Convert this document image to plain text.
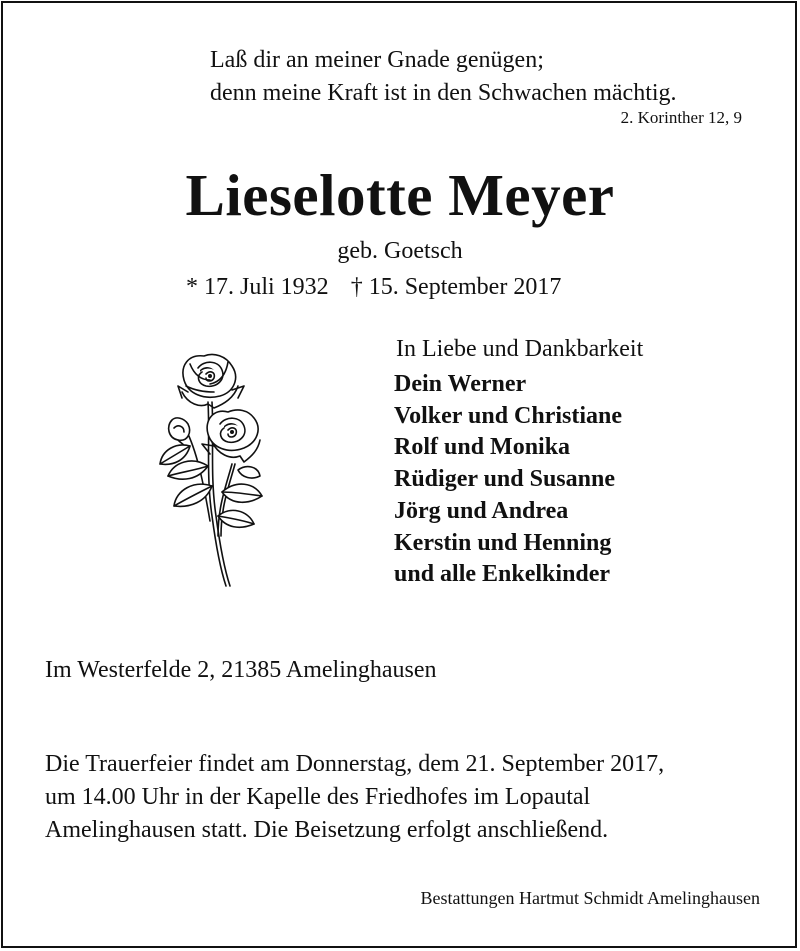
Laß dir an meiner Gnade genügen;
denn meine Kraft ist in den Schwachen mächtig.
2. Korinther 12, 9
Lieselotte Meyer
geb. Goetsch
* 17. Juli 1932 † 15. September 2017
In Liebe und Dankbarkeit
Dein Werner
Volker und Christiane
Rolf und Monika
Rüdiger und Susanne
Jörg und Andrea
Kerstin und Henning
und alle Enkelkinder
Im Westerfelde 2, 21385 Amelinghausen

Die Trauerfeier findet am Donnerstag, dem 21. September 2017,
um 14.00 Uhr in der Kapelle des Friedhofes im Lopautal
Amelinghausen statt. Die Beisetzung erfolgt anschließend.

Bestattungen Hartmut Schmidt Amelinghausen
